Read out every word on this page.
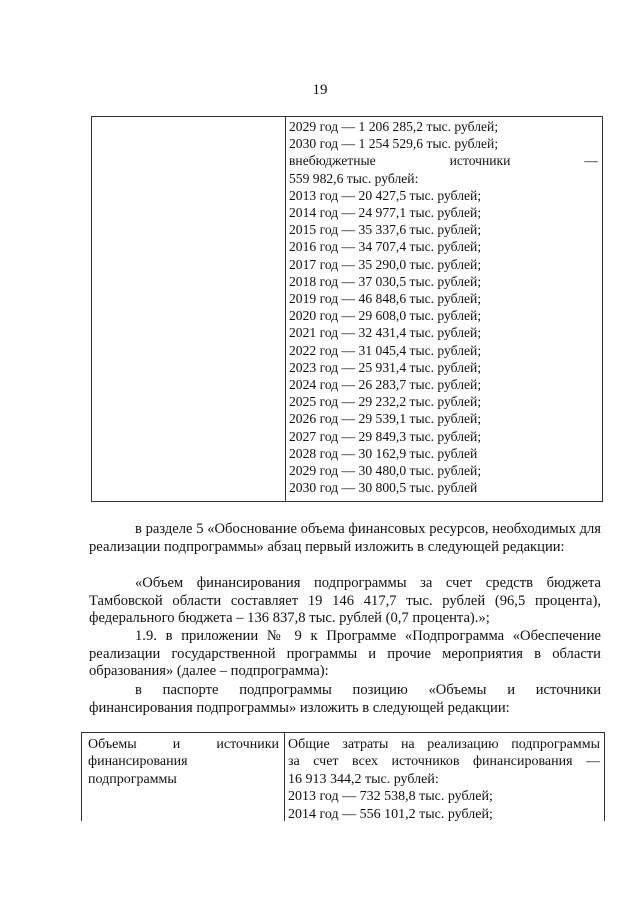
19
2029 год — 1 206 285,2 тыс. рублей;
2030 год — 1 254 529,6 тыс. рублей;
внебюджетные источники —
559 982,6 тыс. рублей:
2013 год — 20 427,5 тыс. рублей;
2014 год — 24 977,1 тыс. рублей;
2015 год — 35 337,6 тыс. рублей;
2016 год — 34 707,4 тыс. рублей;
2017 год — 35 290,0 тыс. рублей;
2018 год — 37 030,5 тыс. рублей;
2019 год — 46 848,6 тыс. рублей;
2020 год — 29 608,0 тыс. рублей;
2021 год — 32 431,4 тыс. рублей;
2022 год — 31 045,4 тыс. рублей;
2023 год — 25 931,4 тыс. рублей;
2024 год — 26 283,7 тыс. рублей;
2025 год — 29 232,2 тыс. рублей;
2026 год — 29 539,1 тыс. рублей;
2027 год — 29 849,3 тыс. рублей;
2028 год — 30 162,9 тыс. рублей
2029 год — 30 480,0 тыс. рублей;
2030 год — 30 800,5 тыс. рублей
в разделе 5 «Обоснование объема финансовых ресурсов, необходимых для реализации подпрограммы» абзац первый изложить в следующей редакции:
«Объем финансирования подпрограммы за счет средств бюджета Тамбовской области составляет 19 146 417,7 тыс. рублей (96,5 процента), федерального бюджета – 136 837,8 тыс. рублей (0,7 процента).»;
1.9. в приложении № 9 к Программе «Подпрограмма «Обеспечение реализации государственной программы и прочие мероприятия в области образования» (далее – подпрограмма):
в паспорте подпрограммы позицию «Объемы и источники финансирования подпрограммы» изложить в следующей редакции:
Объемы и источники финансирования подпрограммы
Общие затраты на реализацию подпрограммы
за счет всех источников финансирования —
16 913 344,2 тыс. рублей:
2013 год — 732 538,8 тыс. рублей;
2014 год — 556 101,2 тыс. рублей;
